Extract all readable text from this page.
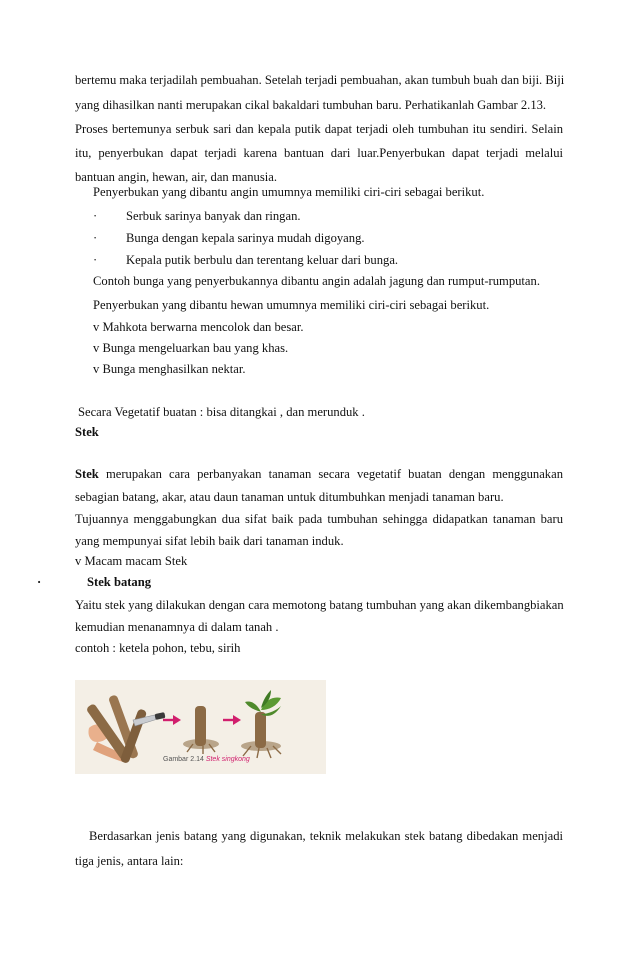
bertemu maka terjadilah pembuahan. Setelah terjadi pembuahan, akan tumbuh buah dan biji. Biji
yang dihasilkan nanti merupakan cikal bakaldari tumbuhan baru. Perhatikanlah Gambar 2.13.
Proses bertemunya serbuk sari dan kepala putik dapat terjadi oleh tumbuhan itu sendiri. Selain
itu, penyerbukan dapat terjadi karena bantuan dari luar.Penyerbukan dapat terjadi melalui
bantuan angin, hewan, air, dan manusia.
Penyerbukan yang dibantu angin umumnya memiliki ciri-ciri sebagai berikut.
· Serbuk sarinya banyak dan ringan.
· Bunga dengan kepala sarinya mudah digoyang.
· Kepala putik berbulu dan terentang keluar dari bunga.
Contoh bunga yang penyerbukannya dibantu angin adalah jagung dan rumput-rumputan.
Penyerbukan yang dibantu hewan umumnya memiliki ciri-ciri sebagai berikut.
v Mahkota berwarna mencolok dan besar.
v Bunga mengeluarkan bau yang khas.
v Bunga menghasilkan nektar.
Secara Vegetatif buatan : bisa ditangkai , dan merunduk .
Stek
Stek merupakan cara perbanyakan tanaman secara vegetatif buatan dengan menggunakan
sebagian batang, akar, atau daun tanaman untuk ditumbuhkan menjadi tanaman baru.
Tujuannya menggabungkan dua sifat baik pada tumbuhan sehingga didapatkan tanaman baru
yang mempunyai sifat lebih baik dari tanaman induk.
v Macam macam Stek
·	Stek batang
Yaitu stek yang dilakukan dengan cara memotong batang tumbuhan yang akan dikembangbiakan
kemudian menanamnya di dalam tanah .
contoh : ketela pohon, tebu, sirih
Gambar 2.14 Stek singkong
Berdasarkan jenis batang yang digunakan, teknik melakukan stek batang dibedakan menjadi
tiga jenis, antara lain:
